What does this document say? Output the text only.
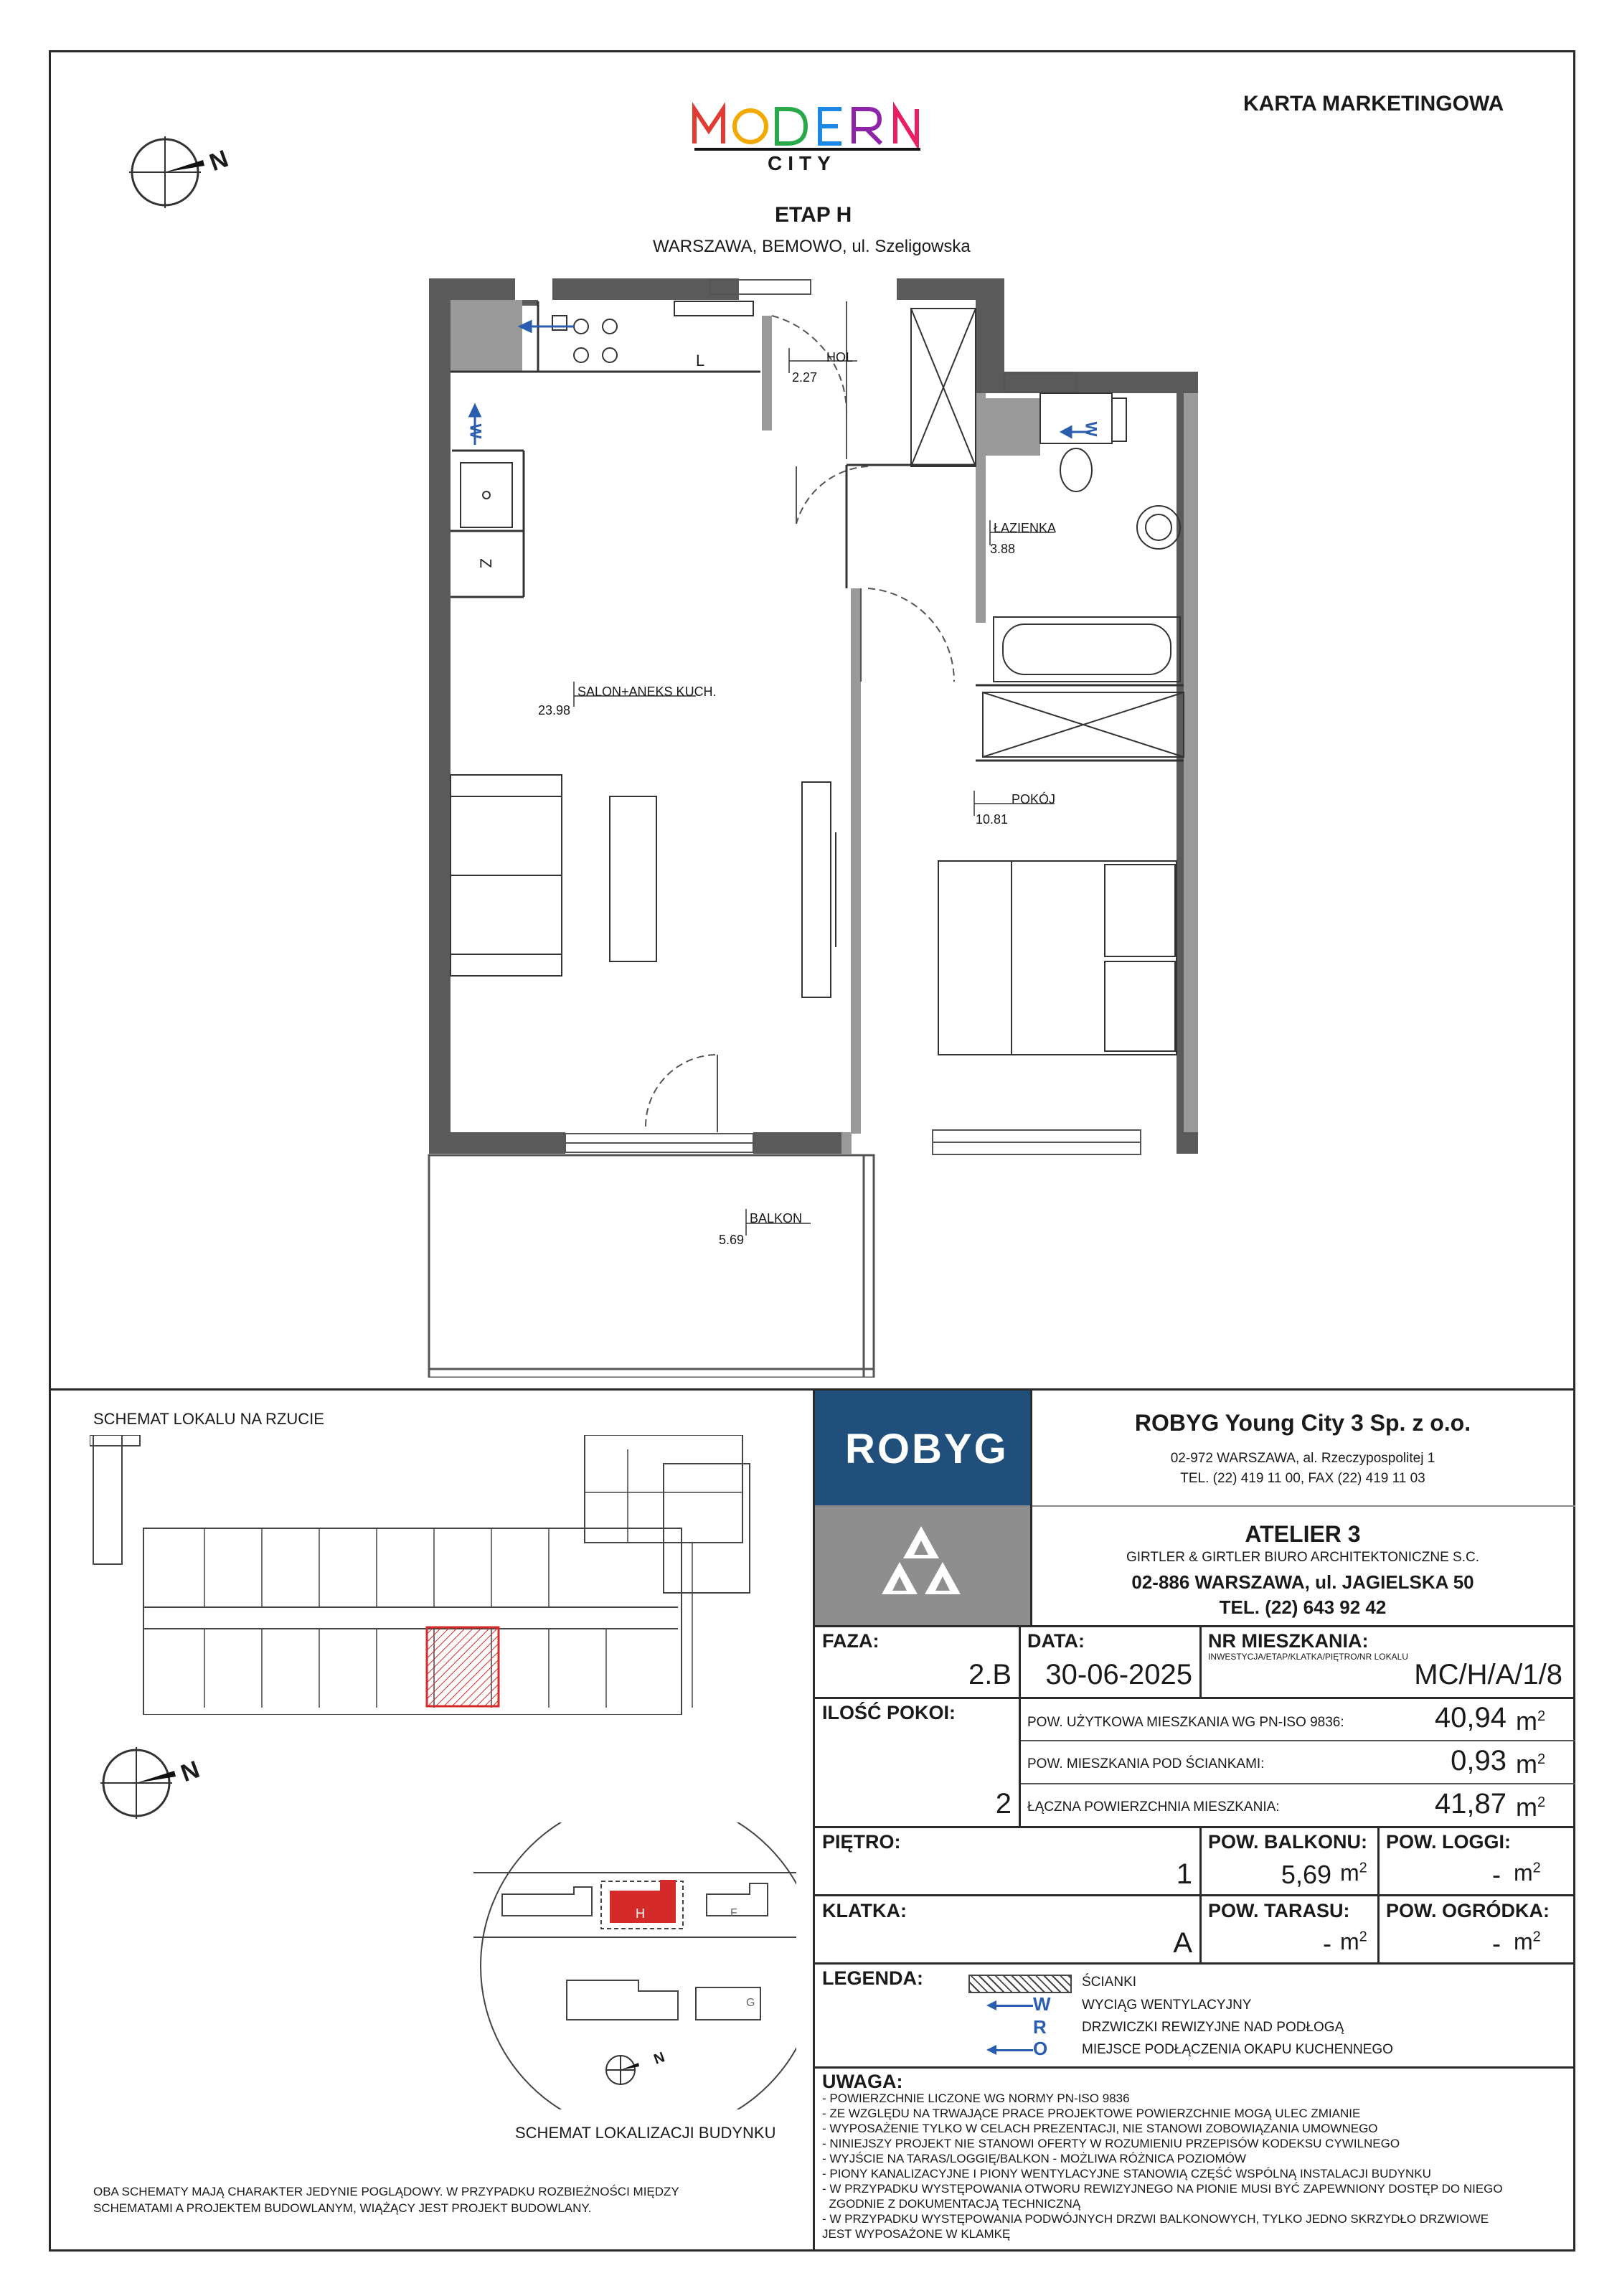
KARTA MARKETINGOWA
CITY
ETAP H
WARSZAWA, BEMOWO, ul. Szeligowska
N
HOL
2.27
ŁAZIENKA
3.88
SALON+ANEKS KUCH.
23.98
POKÓJ
10.81
BALKON
5.69
W	W
Z
L
SCHEMAT LOKALU NA RZUCIE
N
H	F
G
N
SCHEMAT LOKALIZACJI BUDYNKU
OBA SCHEMATY MAJĄ CHARAKTER JEDYNIE POGLĄDOWY. W PRZYPADKU ROZBIEŻNOŚCI MIĘDZY
SCHEMATAMI A PROJEKTEM BUDOWLANYM, WIĄŻĄCY JEST PROJEKT BUDOWLANY.
ROBYG
ROBYG Young City 3 Sp. z o.o.
02-972 WARSZAWA, al. Rzeczypospolitej 1
TEL. (22) 419 11 00, FAX (22) 419 11 03
ATELIER 3
GIRTLER & GIRTLER BIURO ARCHITEKTONICZNE S.C.
02-886 WARSZAWA, ul. JAGIELSKA 50
TEL. (22) 643 92 42
FAZA:
2.B
DATA:
30-06-2025
NR MIESZKANIA:
INWESTYCJA/ETAP/KLATKA/PIĘTRO/NR LOKALU
MC/H/A/1/8
ILOŚĆ POKOI:
2
POW. UŻYTKOWA MIESZKANIA WG PN-ISO 9836:	40,94 $m^2$
POW. MIESZKANIA POD ŚCIANKAMI:	0,93 $m^2$
ŁĄCZNA POWIERZCHNIA MIESZKANIA:	41,87 $m^2$
PIĘTRO:
1
POW. BALKONU:
5,69 $m^2$
POW. LOGGI:
- $m^2$
KLATKA:
A
POW. TARASU:
- $m^2$
POW. OGRÓDKA:
- $m^2$
LEGENDA:	ŚCIANKI
W WYCIĄG WENTYLACYJNY
R	DRZWICZKI REWIZYJNE NAD PODŁOGĄ
O	MIEJSCE PODŁĄCZENIA OKAPU KUCHENNEGO
UWAGA:
- POWIERZCHNIE LICZONE WG NORMY PN-ISO 9836
- ZE WZGLĘDU NA TRWAJĄCE PRACE PROJEKTOWE POWIERZCHNIE MOGĄ ULEC ZMIANIE
- WYPOSAŻENIE TYLKO W CELACH PREZENTACJI, NIE STANOWI ZOBOWIĄZANIA UMOWNEGO
- NINIEJSZY PROJEKT NIE STANOWI OFERTY W ROZUMIENIU PRZEPISÓW KODEKSU CYWILNEGO
- WYJŚCIE NA TARAS/LOGGIĘ/BALKON - MOŻLIWA RÓŻNICA POZIOMÓW
- PIONY KANALIZACYJNE I PIONY WENTYLACYJNE STANOWIĄ CZĘŚĆ WSPÓLNĄ INSTALACJI BUDYNKU
- W PRZYPADKU WYSTĘPOWANIA OTWORU REWIZYJNEGO NA PIONIE MUSI BYĆ ZAPEWNIONY DOSTĘP DO NIEGO
ZGODNIE Z DOKUMENTACJĄ TECHNICZNĄ
- W PRZYPADKU WYSTĘPOWANIA PODWÓJNYCH DRZWI BALKONOWYCH, TYLKO JEDNO SKRZYDŁO DRZWIOWE
JEST WYPOSAŻONE W KLAMKĘ
